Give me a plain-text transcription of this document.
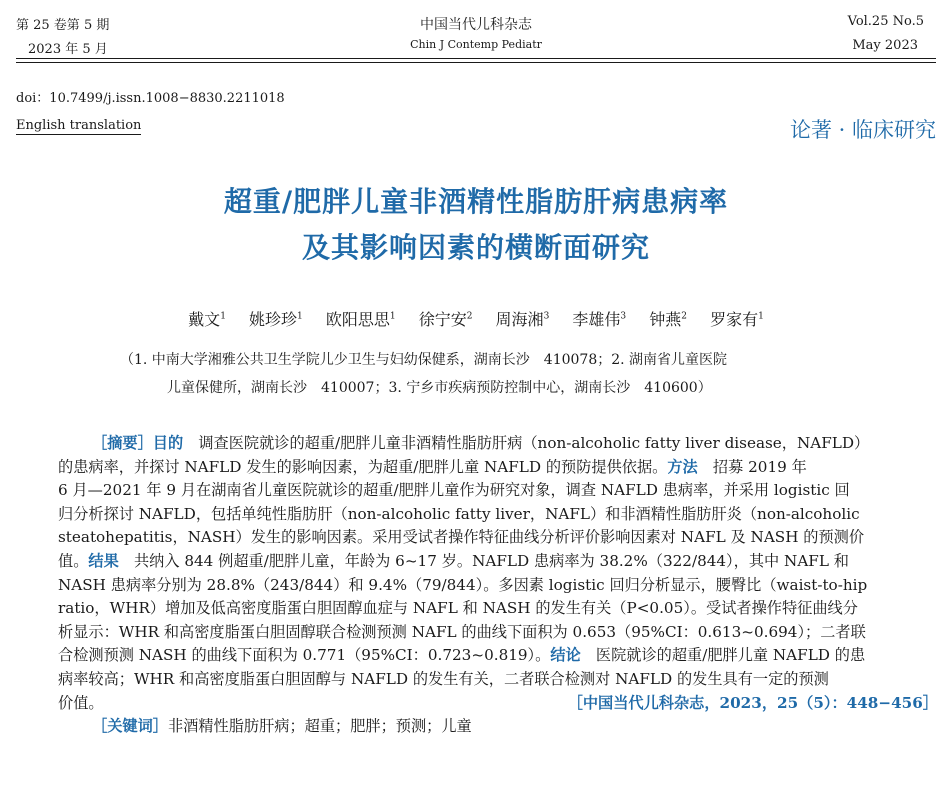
第 25 卷第 5 期
2023 年 5 月
中国当代儿科杂志
Chin J Contemp Pediatr
Vol.25 No.5
May 2023
doi：10.7499/j.issn.1008−8830.2211018
English translation	论著 · 临床研究
超重/肥胖儿童非酒精性脂肪肝病患病率
及其影响因素的横断面研究
戴文$^1$ 姚珍珍$^1$ 欧阳思思$^1$ 徐宁安$^2$ 周海湘$^3$ 李雄伟$^3$ 钟燕$^2$ 罗家有$^1$
（1. 中南大学湘雅公共卫生学院儿少卫生与妇幼保健系，湖南长沙　410078；2. 湖南省儿童医院
儿童保健所，湖南长沙　410007；3. 宁乡市疾病预防控制中心，湖南长沙　410600）
［摘要］目的　调查医院就诊的超重/肥胖儿童非酒精性脂肪肝病（non-alcoholic fatty liver disease，NAFLD）
的患病率，并探讨 NAFLD 发生的影响因素，为超重/肥胖儿童 NAFLD 的预防提供依据。方法　招募 2019 年
6 月—2021 年 9 月在湖南省儿童医院就诊的超重/肥胖儿童作为研究对象，调查 NAFLD 患病率，并采用 logistic 回
归分析探讨 NAFLD，包括单纯性脂肪肝（non-alcoholic fatty liver，NAFL）和非酒精性脂肪肝炎（non-alcoholic
steatohepatitis，NASH）发生的影响因素。采用受试者操作特征曲线分析评价影响因素对 NAFL 及 NASH 的预测价
值。结果　共纳入 844 例超重/肥胖儿童，年龄为 6~17 岁。NAFLD 患病率为 38.2%（322/844），其中 NAFL 和
NASH 患病率分别为 28.8%（243/844）和 9.4%（79/844）。多因素 logistic 回归分析显示，腰臀比（waist-to-hip
ratio，WHR）增加及低高密度脂蛋白胆固醇血症与 NAFL 和 NASH 的发生有关（P<0.05）。受试者操作特征曲线分
析显示：WHR 和高密度脂蛋白胆固醇联合检测预测 NAFL 的曲线下面积为 0.653（95%CI：0.613~0.694）；二者联
合检测预测 NASH 的曲线下面积为 0.771（95%CI：0.723~0.819）。结论　医院就诊的超重/肥胖儿童 NAFLD 的患
病率较高；WHR 和高密度脂蛋白胆固醇与 NAFLD 的发生有关，二者联合检测对 NAFLD 的发生具有一定的预测
价值。	［中国当代儿科杂志，2023，25（5）：448−456］
［关键词］非酒精性脂肪肝病；超重；肥胖；预测；儿童
